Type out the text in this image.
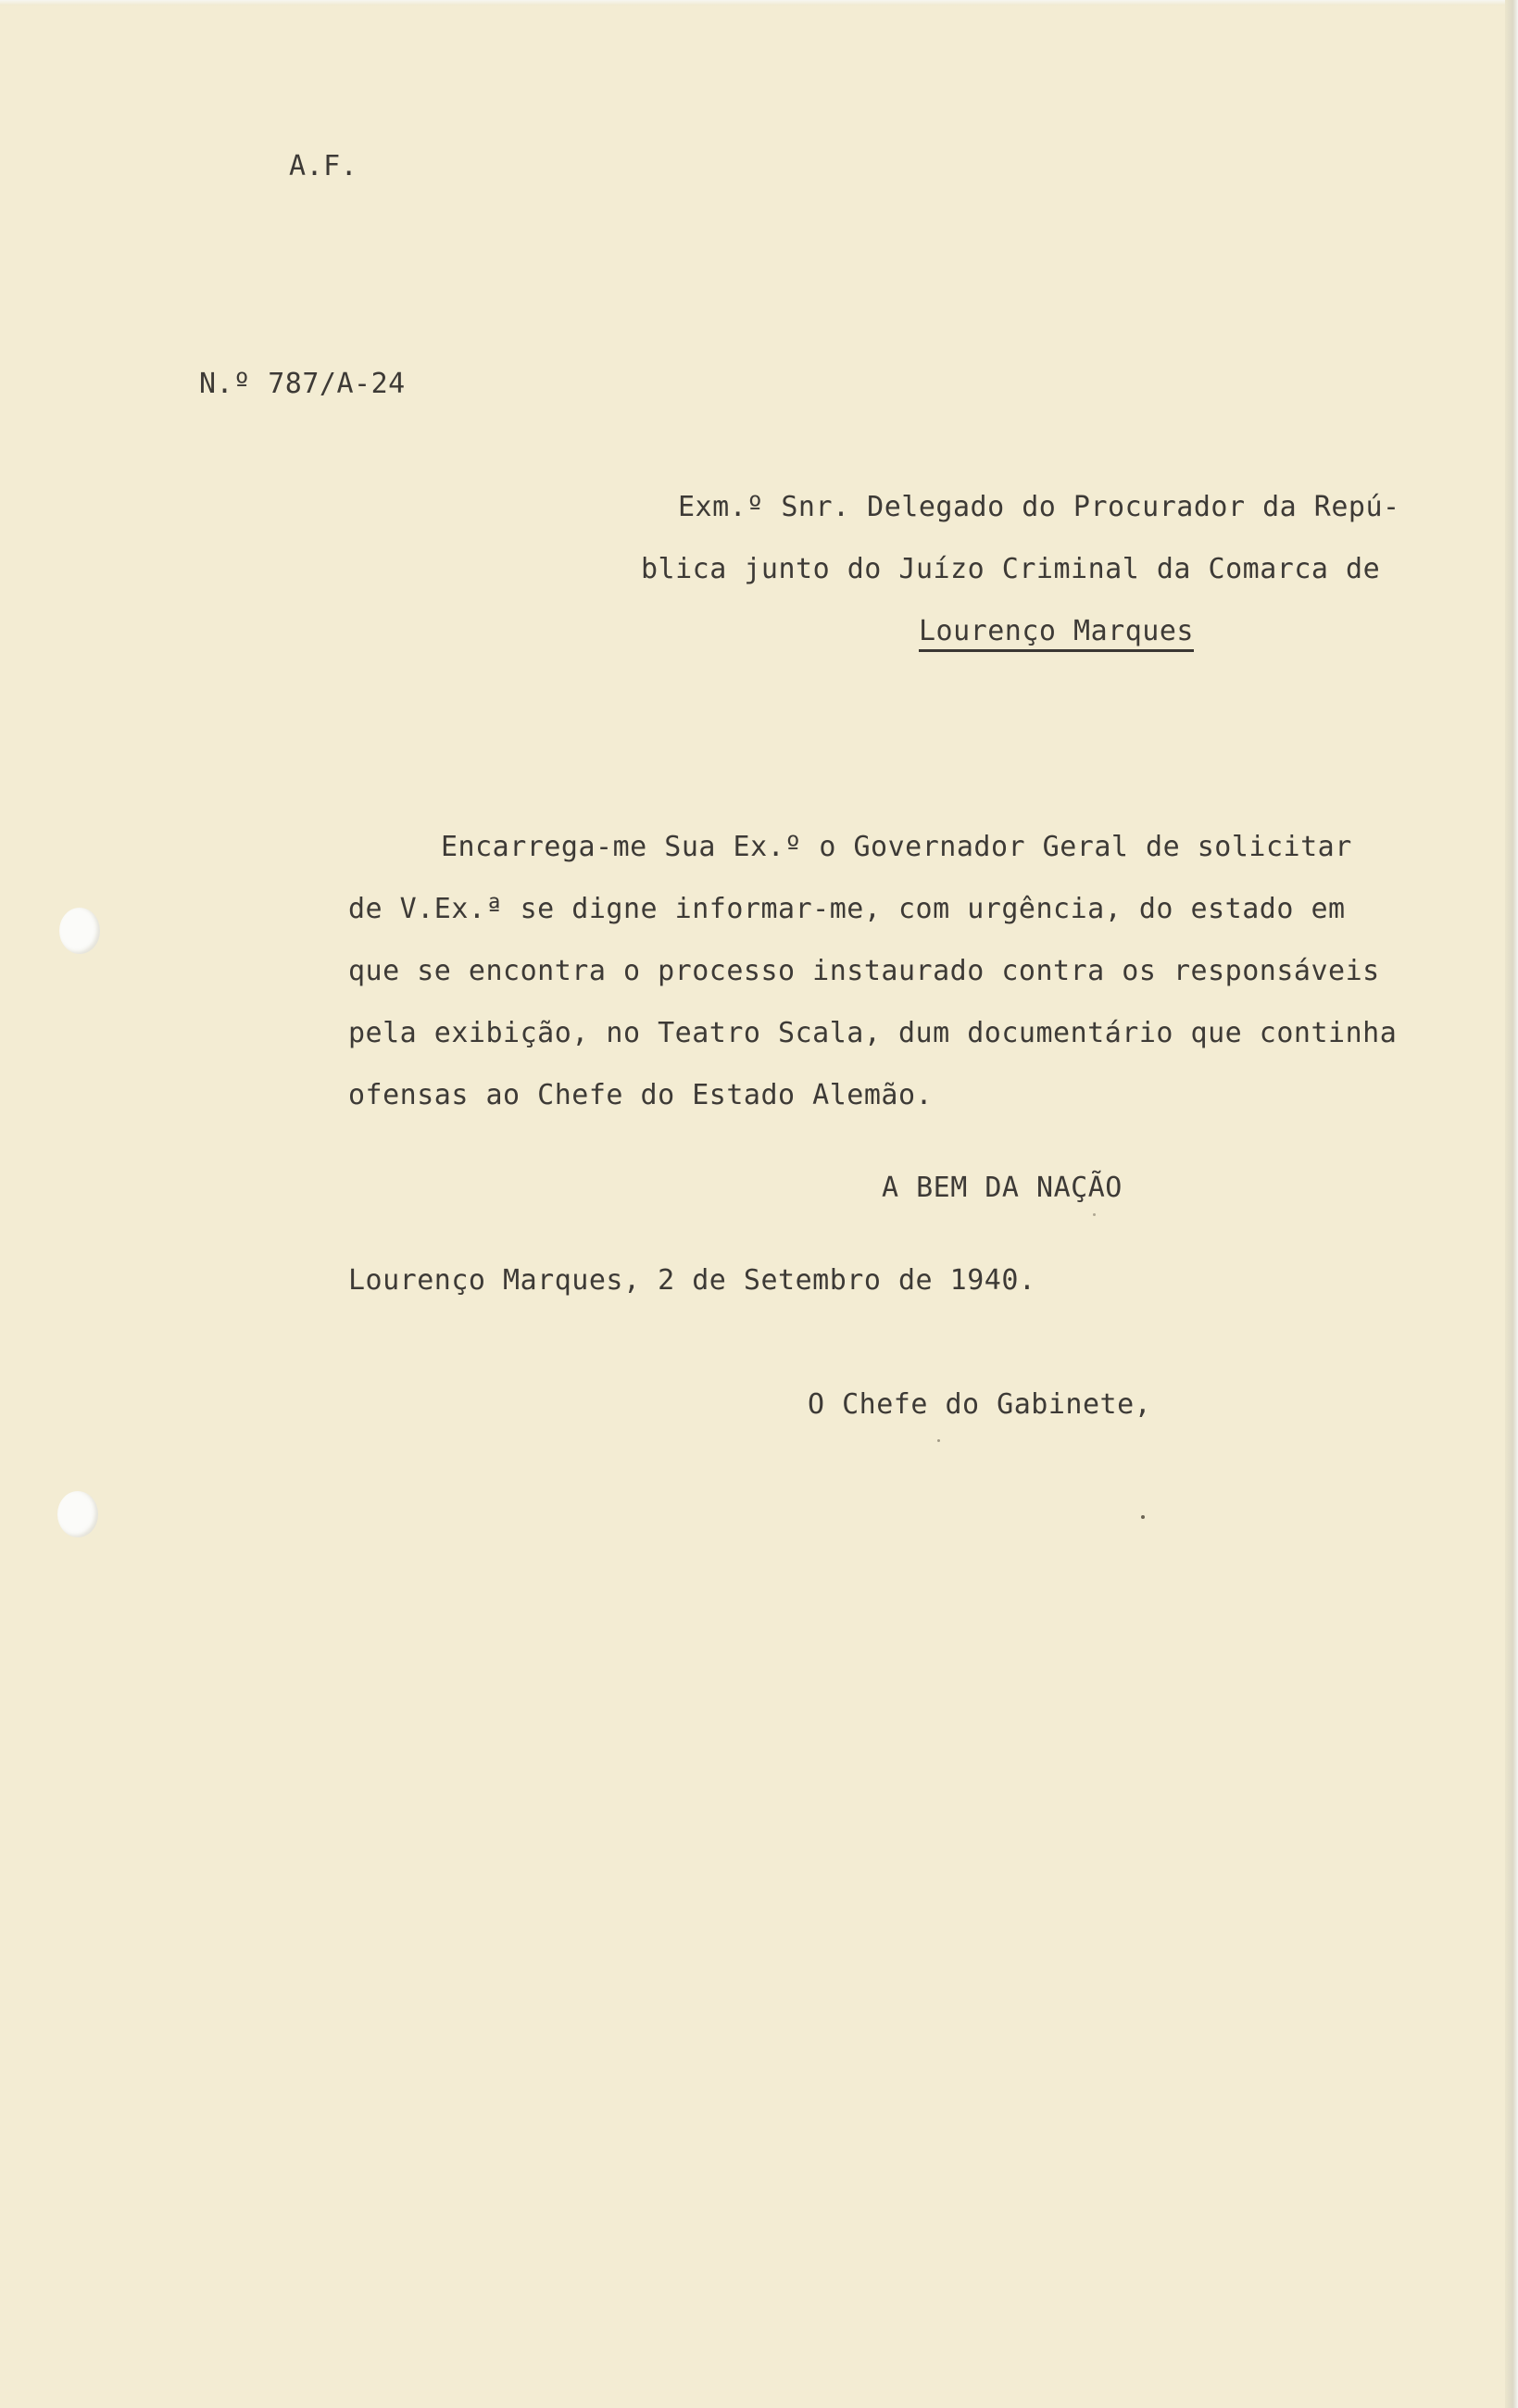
A.F.
N.º 787/A-24
Exm.º Snr. Delegado do Procurador da Repú-
blica junto do Juízo Criminal da Comarca de
Lourenço Marques
Encarrega-me Sua Ex.º o Governador Geral de solicitar
de V.Ex.ª se digne informar-me, com urgência, do estado em
que se encontra o processo instaurado contra os responsáveis
pela exibição, no Teatro Scala, dum documentário que continha
ofensas ao Chefe do Estado Alemão.
A BEM DA NAÇÃO
Lourenço Marques, 2 de Setembro de 1940.
O Chefe do Gabinete,
